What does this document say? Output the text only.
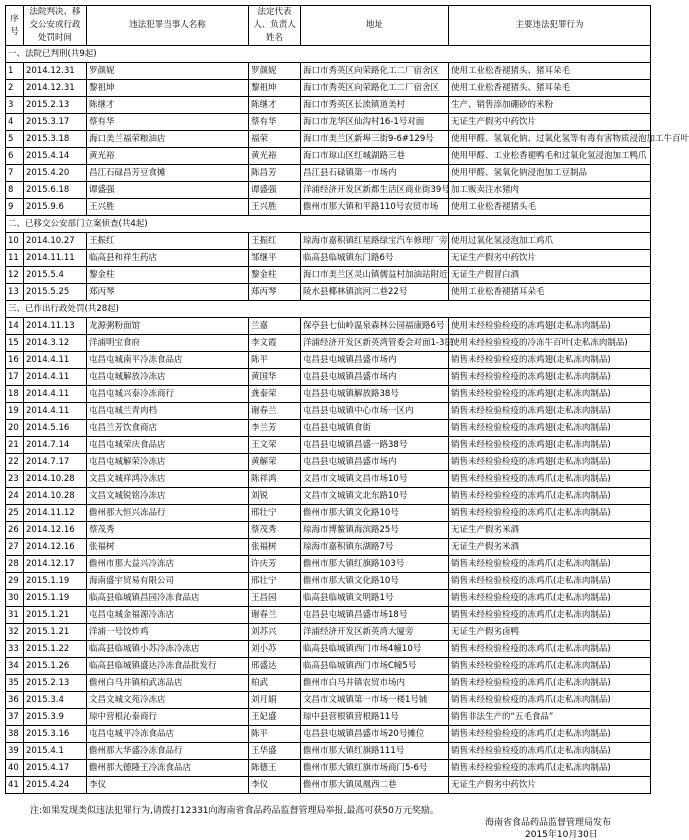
序号	法院判决、移交公安或行政处罚时间	违法犯罪当事人名称	法定代表人、负责人姓名	地址	主要违法犯罪行为
一、法院已判刑(共9起)					
1	2014.12.31	罗颜妮	罗颜妮	海口市秀英区向荣路化工二厂宿舍区	使用工业松香褪猪头、猪耳朵毛
2	2014.12.31	黎祖坤	黎祖坤	海口市秀英区向荣路化工二厂宿舍区	使用工业松香褪猪头、猪耳朵毛
3	2015.2.13	陈继才	陈继才	海口市秀英区长流镇道美村	生产、销售添加硼砂的米粉
4	2015.3.17	蔡有华	蔡有华	海口市龙华区仙沟村16-1号对面	无证生产假劣中药饮片
5	2015.3.18	海口美兰福荣粮油店	福荣	海口市美兰区新埠三街9-6#129号	使用甲醛、氢氧化钠、过氧化氢等有毒有害物质浸泡加工牛百叶
6	2015.4.14	黄光裕	黄光裕	海口市琼山区红城湖路三巷	使用甲醛、工业松香褪鸭毛和过氧化氢浸泡加工鸭爪
7	2015.4.20	昌江石碌昌芳豆食摊	陈昌芳	昌江县石碌镇第一市场内	使用甲醛、氢氧化钠浸泡加工豆制品
8	2015.6.18	谭盛强	谭盛强	洋浦经济开发区新都生活区商业街39号	加工贩卖注水猪肉
9	2015.9.6	王兴胜	王兴胜	儋州市那大镇和平路110号农贸市场	使用工业松香褪猪头毛
二、已移交公安部门立案侦查(共4起)					
10	2014.10.27	王振红	王振红	琼海市嘉积镇红星路绿宝汽车修理厂旁	使用过氧化氢浸泡加工鸡爪
11	2014.11.11	临高县和祥生药店	邹继平	临高县临城镇东门路6号	无证生产假劣中药饮片
12	2015.5.4	黎金柱	黎金柱	海口市美兰区灵山镇儒益村加油站附近	无证生产假冒白酒
13	2015.5.25	郑丙琴	郑丙琴	陵水县椰林镇滨河二巷22号	使用工业松香褪猪耳朵毛
三、已作出行政处罚(共28起)					
14	2014.11.13	龙源粥粉面馆	兰嘉	保亭县七仙岭温泉森林公园福康路6号	使用未经检验检疫的冻鸡翅(走私冻肉制品)
15	2014.3.12	洋浦明宝食府	李文霞	洋浦经济开发区新英湾管委会对面1-3层	使用未经检验检疫的冷冻牛百叶(走私冻肉制品)
16	2014.4.11	屯昌屯城南平冷冻食品店	陈平	屯昌县屯城镇昌盛市场内	销售未经检验检疫的冻鸡翅(走私冻肉制品)
17	2014.4.11	屯昌屯城解放冷冻店	黄国华	屯昌县屯城镇昌盛市场内	销售未经检验检疫的冻鸡翅(走私冻肉制品)
18	2014.4.11	屯昌屯城兴泰冷冻商行	龚泰荣	屯昌县屯城镇解放路38号	销售未经检验检疫的冻鸡翅(走私冻肉制品)
19	2014.4.11	屯昌屯城兰青肉档	谢春兰	屯昌县屯城镇中心市场一区内	销售未经检验检疫的冻鸡翅(走私冻肉制品)
20	2014.5.16	屯昌兰芳饮食商店	李兰芳	屯昌县屯城镇食街	销售未经检验检疫的冻鸡翅(走私冻肉制品)
21	2014.7.14	屯昌屯城荣庆食品店	王文荣	屯昌县屯城镇昌盛一路38号	销售未经检验检疫的冻鸡翅(走私冻肉制品)
22	2014.7.17	屯昌屯城解荣冷冻店	黄解荣	屯昌县屯城镇昌盛市场内	销售未经检验检疫的冻鸡翅(走私冻肉制品)
23	2014.10.28	文昌文城祥鸿冷冻店	陈祥鸿	文昌市文城镇文昌市场10号	销售未经检验检疫的冻鸡爪(走私冻肉制品)
24	2014.10.28	文昌文城锐铭冷冻店	刘锐	文昌市文城镇文北东路10号	销售未经检验检疫的冻鸡爪(走私冻肉制品)
25	2014.11.12	儋州那大恒兴冻品行	邢壮宁	儋州市那大镇文化路10号	销售未经检验检疫的冻鸡爪(走私冻肉制品)
26	2014.12.16	蔡茂秀	蔡茂秀	琼海市博鳌镇海滨路25号	无证生产假劣米酒
27	2014.12.16	张福树	张福树	琼海市嘉积镇东湖路7号	无证生产假劣米酒
28	2014.12.17	儋州市那大益兴冷冻店	许庆芳	儋州市那大镇红旗路103号	销售未经检验检疫的冻鸡爪(走私冻肉制品)
29	2015.1.19	海南盛宇贸易有限公司	邢壮宁	儋州市那大镇文化路10号	销售未经检验检疫的冻鸡爪(走私冻肉制品)
30	2015.1.19	临高县临城镇昌园冷冻食品店	王昌园	临高县临城镇文明路1号	销售未经检验检疫的冻鸡爪(走私冻肉制品)
31	2015.1.21	屯昌屯城金福源冷冻店	谢春兰	屯昌县屯城镇昌盛市场18号	销售未经检验检疫的冻鸡爪(走私冻肉制品)
32	2015.1.21	洋浦一号饺炸鸡	刘苏兴	洋浦经济开发区新英湾大厦旁	无证生产假劣卤鸭
33	2015.1.22	临高县临城镇小苏冷冻冷冻店	刘小苏	临高县临城镇西门市场4幢10号	销售未经检验检疫的冻鸡爪(走私冻肉制品)
34	2015.1.26	临高县临城镇盛达冷冻食品批发行	邢盛达	临高县临城镇西门市场C幢5号	销售未经检验检疫的冻鸡爪(走私冻肉制品)
35	2015.2.13	儋州白马井镇柏武冻品店	柏武	儋州市白马井镇农贸市场内	销售未经检验检疫的冻鸡爪(走私冻肉制品)
36	2015.3.4	文昌文城文苑冷冻店	刘月娟	文昌市文城镇第一市场一楼1号铺	销售未经检验检疫的冻鸡爪(走私冻肉制品)
37	2015.3.9	琼中营根沁泰商行	王妃盛	琼中县营根镇营根路11号	销售非法生产的“五毛食品”
38	2015.3.16	屯昌屯城平冷冻食品店	陈平	屯昌县屯城镇昌盛市场20号摊位	销售未经检验检疫的冻鸡爪(走私冻肉制品)
39	2015.4.1	儋州那大华盛冷冻食品行	王华盛	儋州市那大镇红旗路111号	销售未经检验检疫的冻鸡爪(走私冻肉制品)
40	2015.4.17	儋州那大德隆王冷冻食品店	陈德王	儋州市那大镇红旗市场商门5-6号	销售未经检验检疫的冻鸡爪(走私冻肉制品)
41	2015.4.24	李仪	李仪	儋州市那大镇凤凰西二巷	无证生产假劣中药饮片
注:如果发现类似违法犯罪行为,请拨打12331向海南省食品药品监督管理局举报,最高可获50万元奖励。
海南省食品药品监督管理局发布
2015年10月30日
